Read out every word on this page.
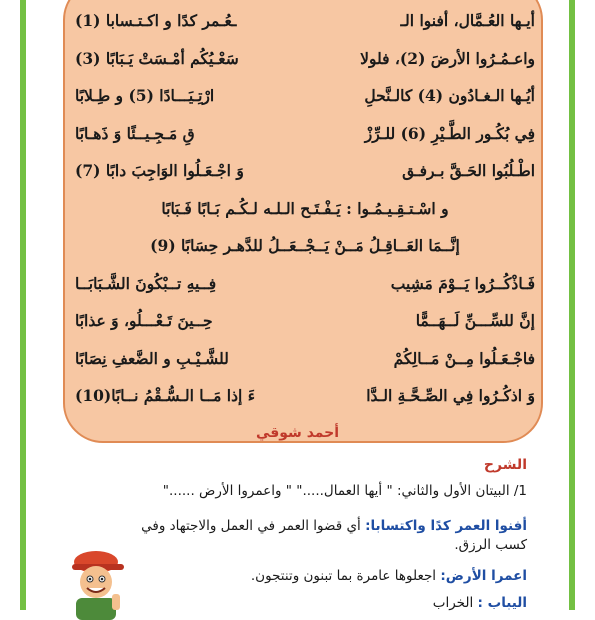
أيـها العُـمَّال، أفنوا الـ
ـعُـمر كدًا و اكـتـسابا (1)
واعـمُـرُوا الأرضَ (2)، فلولا
سَعْـيُكُم أمْـسَتْ يَـبَابًا (3)
أيُـها الـغـادُون (4) كالـنَّحلِ
ارْتِـيَـــادًا (5) و طِـلابًا
فِي بُكُـور الطَّـيْرِ (6) للـرِّزْ
قِ مَـجِـيــئًا وَ ذَهـابًا
اطْـلُبُوا الحَـقَّ بـرفـق
وَ اجْـعَـلُوا الوَاجِبَ دابًا (7)
و اسْـتـقِـيـمُـوا : يَـفْـتَـح الـلـه لـكُـم بَـابًا فَـبَابًا
إنَّــمَا العَــاقِـلُ مَــنْ يَــجْــعَــلُ للدَّهـر حِسَابًا (9)
فَـاذْكُــرُوا يَــوْمَ مَشِيب
فِــيهِ تــبْكُونَ الشَّـبَابَــا
إنَّ للسِّـــنِّ لَــهَــمًّا
حِــينَ تَـعْـــلُو، وَ عذابًا
فاجْـعَـلُوا مِــنْ مَــالِكُمْ
للشَّـيْـبِ و الضَّعفِ نِصَابًا
وَ اذكُـرُوا فِي الصِّـحَّـةِ الـدَّا
ءَ إذا مَــا الـسُّـقْمُ نــابًا(10)
أحمد شوقي
الشرح
1/ البيتان الأول والثاني: " أيها العمال....." " واعمروا الأرض ......"
أفنوا العمر كدًا واكتسابا: أي قضوا العمر في العمل والاجتهاد وفي كسب الرزق.
اعمرا الأرض: اجعلوها عامرة بما تبنون وتنتجون.
اليباب : الخراب
